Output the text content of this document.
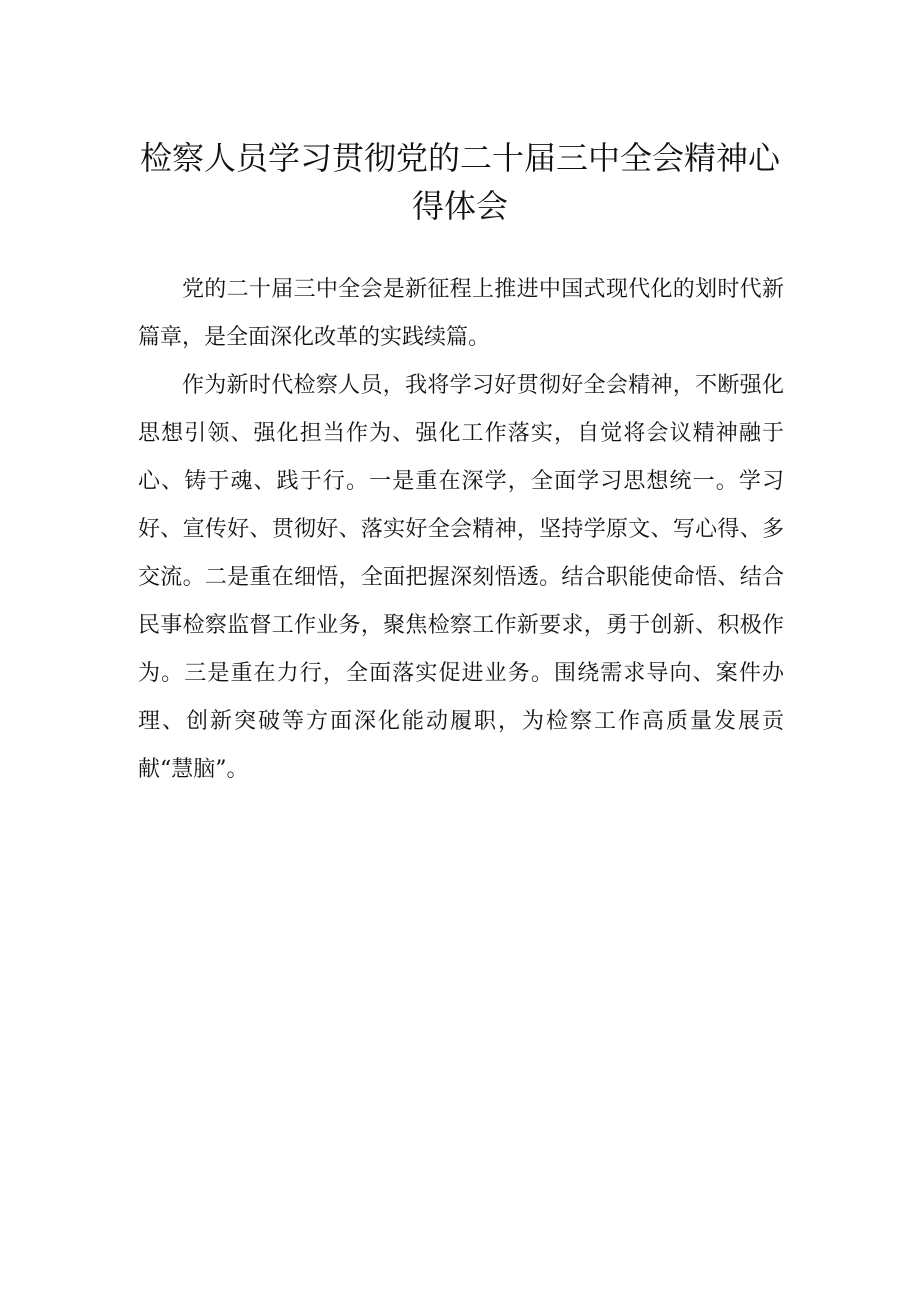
检察人员学习贯彻党的二十届三中全会精神心得体会

党的二十届三中全会是新征程上推进中国式现代化的划时代新篇章，是全面深化改革的实践续篇。

作为新时代检察人员，我将学习好贯彻好全会精神，不断强化思想引领、强化担当作为、强化工作落实，自觉将会议精神融于心、铸于魂、践于行。一是重在深学，全面学习思想统一。学习好、宣传好、贯彻好、落实好全会精神，坚持学原文、写心得、多交流。二是重在细悟，全面把握深刻悟透。结合职能使命悟、结合民事检察监督工作业务，聚焦检察工作新要求，勇于创新、积极作为。三是重在力行，全面落实促进业务。围绕需求导向、案件办理、创新突破等方面深化能动履职，为检察工作高质量发展贡献“慧脑”。
